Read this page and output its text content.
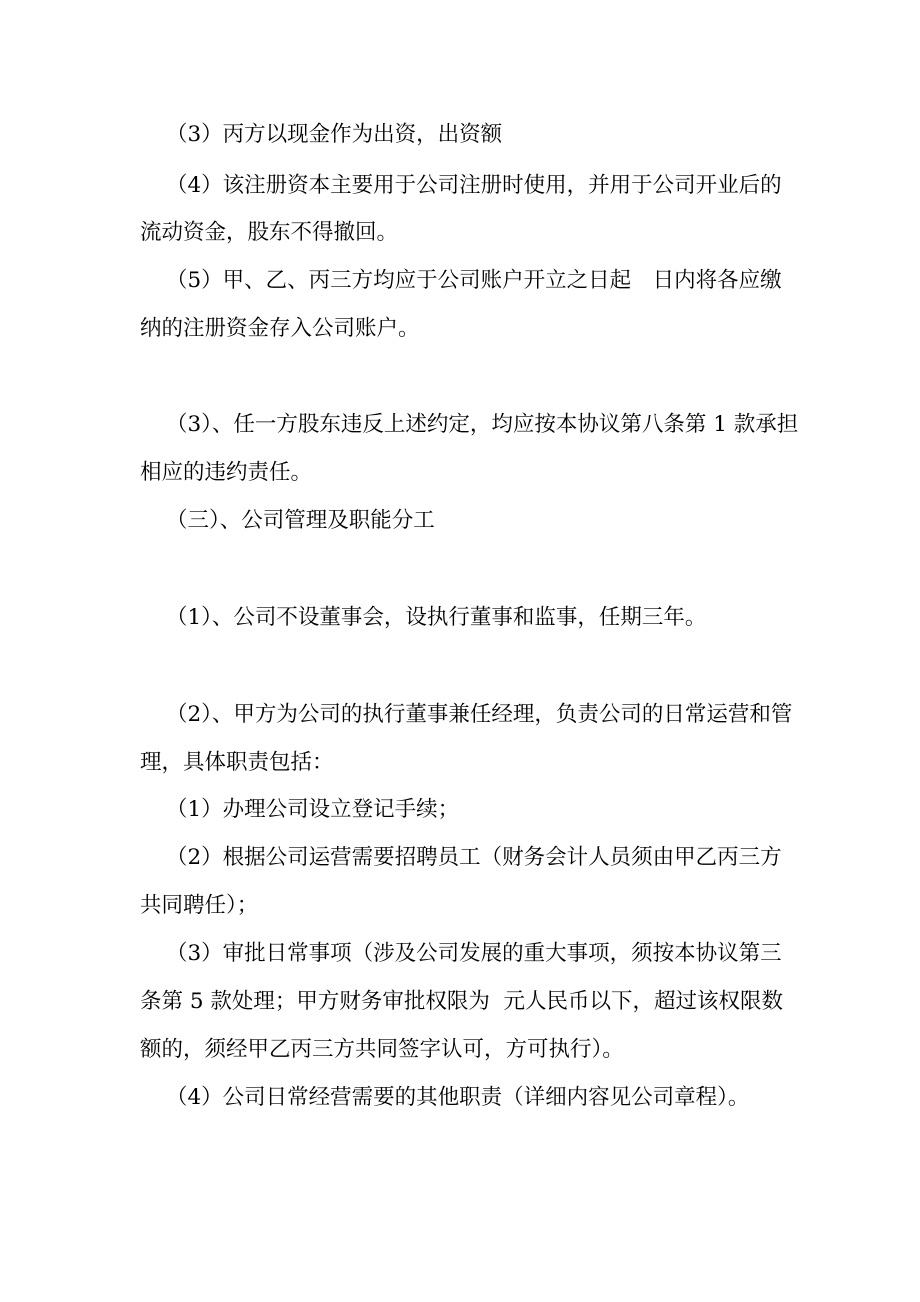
（3）丙方以现金作为出资，出资额

（4）该注册资本主要用于公司注册时使用，并用于公司开业后的

流动资金，股东不得撤回。

（5）甲、乙、丙三方均应于公司账户开立之日起　日内将各应缴

纳的注册资金存入公司账户。

（3）、任一方股东违反上述约定，均应按本协议第八条第 1 款承担

相应的违约责任。

（三）、公司管理及职能分工

（1）、公司不设董事会，设执行董事和监事，任期三年。

（2）、甲方为公司的执行董事兼任经理，负责公司的日常运营和管

理，具体职责包括：

（1）办理公司设立登记手续；

（2）根据公司运营需要招聘员工（财务会计人员须由甲乙丙三方

共同聘任）；

（3）审批日常事项（涉及公司发展的重大事项，须按本协议第三

条第 5 款处理；甲方财务审批权限为  元人民币以下，超过该权限数

额的，须经甲乙丙三方共同签字认可，方可执行）。

（4）公司日常经营需要的其他职责（详细内容见公司章程）。
